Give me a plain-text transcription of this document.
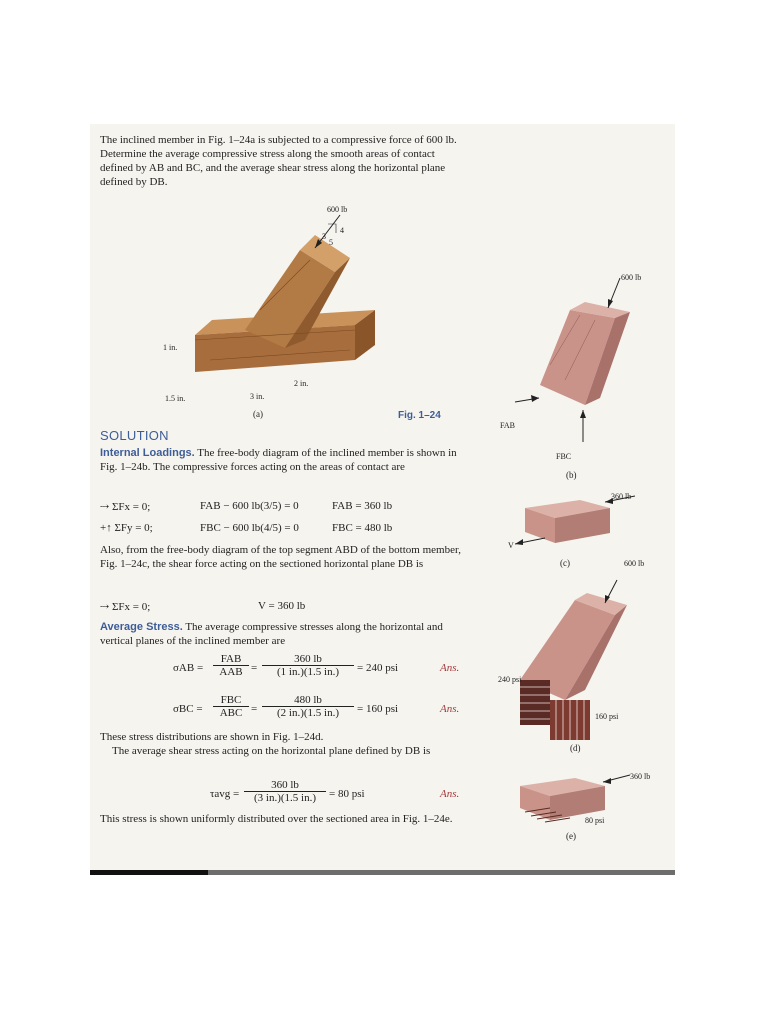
The inclined member in Fig. 1–24a is subjected to a compressive force of 600 lb. Determine the average compressive stress along the smooth areas of contact defined by AB and BC, and the average shear stress along the horizontal plane defined by DB.

600 lb
4
3
5
1 in.
2 in.
3 in.
1.5 in.
(a)	Fig. 1–24
SOLUTION

Internal Loadings. The free-body diagram of the inclined member is shown in Fig. 1–24b. The compressive forces acting on the areas of contact are

⇢ ΣFx = 0;	FAB − 600 lb(3/5) = 0	FAB = 360 lb
+↑ ΣFy = 0;	FBC − 600 lb(4/5) = 0	FBC = 480 lb

Also, from the free-body diagram of the top segment ABD of the bottom member, Fig. 1–24c, the shear force acting on the sectioned horizontal plane DB is

⇢ ΣFx = 0;	V = 360 lb

Average Stress. The average compressive stresses along the horizontal and vertical planes of the inclined member are

σAB =
FAB
AAB = $\frac{360 lb}{(1 in.)(1.5 in.)} = 240$ psi	Ans.
σBC =
FBC
ABC = $\frac{480 lb}{(2 in.)(1.5 in.)} = 160$ psi	Ans.

These stress distributions are shown in Fig. 1–24d.

The average shear stress acting on the horizontal plane defined by DB is

$\tau avg = \frac{360 lb}{(3 in.)(1.5 in.)} = 80$ psi	Ans.

This stress is shown uniformly distributed over the sectioned area in Fig. 1–24e.

600 lb
FAB
FBC
(b)
360 lb
V
(c)	600 lb
240 psi
160 psi
(d)
360 lb
80 psi
(e)
